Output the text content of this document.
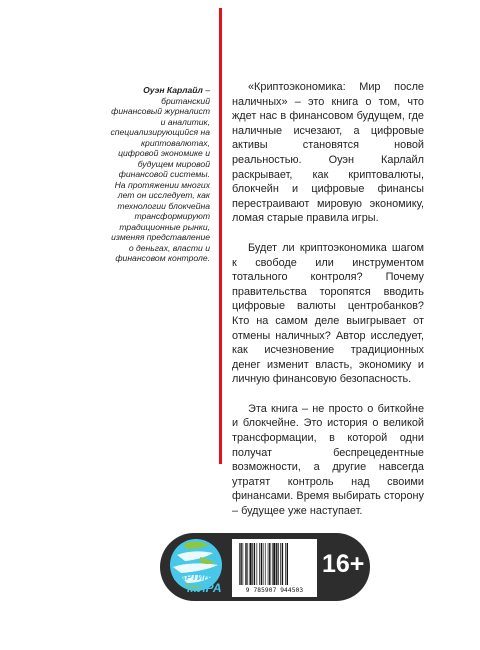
Оуэн Карлайл – британский финансовый журналист и аналитик, специализирующийся на криптовалютах, цифровой экономике и будущем мировой финансовой системы. На протяжении многих лет он исследует, как технологии блокчейна трансформируют традиционные рынки, изменяя представление о деньгах, власти и финансовом контроле.

«Криптоэкономика: Мир после наличных» – это книга о том, что ждет нас в финансовом будущем, где наличные исчезают, а цифровые активы становятся новой реальностью. Оуэн Карлайл раскрывает, как криптовалюты, блокчейн и цифровые финансы перестраивают мировую экономику, ломая старые правила игры.

Будет ли криптоэкономика шагом к свободе или инструментом тотального контроля? Почему правительства торопятся вводить цифровые валюты центробанков? Кто на самом деле выигрывает от отмены наличных? Автор исследует, как исчезновение традиционных денег изменит власть, экономику и личную финансовую безопасность.

Эта книга – не просто о биткойне и блокчейне. Это история о великой трансформации, в которой одни получат беспрецедентные возможности, а другие навсегда утратят контроль над своими финансами. Время выбирать сторону – будущее уже наступает.

КАРТИНА
МИРА	9 785907 944503
16+
